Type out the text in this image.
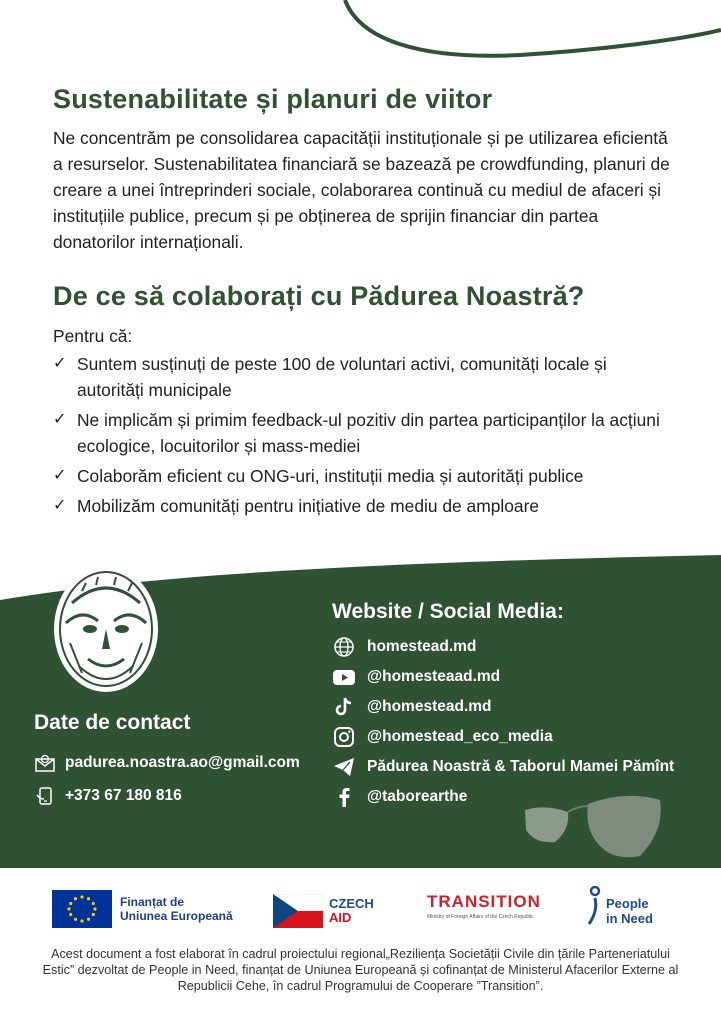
Sustenabilitate și planuri de viitor

Ne concentrăm pe consolidarea capacității instituționale și pe utilizarea eficientă a resurselor. Sustenabilitatea financiară se bazează pe crowdfunding, planuri de creare a unei întreprinderi sociale, colaborarea continuă cu mediul de afaceri și instituțiile publice, precum și pe obținerea de sprijin financiar din partea donatorilor internaționali.

De ce să colaborați cu Pădurea Noastră?
Pentru că:
✓ Suntem susținuți de peste 100 de voluntari activi, comunități locale și autorități municipale
✓ Ne implicăm și primim feedback-ul pozitiv din partea participanților la acțiuni ecologice, locuitorilor și mass-mediei
✓ Colaborăm eficient cu ONG-uri, instituții media și autorități publice
✓ Mobilizăm comunități pentru inițiative de mediu de amploare
Date de contact
padurea.noastra.ao@gmail.com
+373 67 180 816
Website / Social Media:
homestead.md
@homesteaad.md
@homestead.md
@homestead_eco_media
Pădurea Noastră & Taborul Mamei Pămînt
@taborearthe
Finanțat de
Uniunea Europeană
CZECH
AID
TRANSITION
Ministry of Foreign Affairs of the Czech Republic
People
in Need
Acest document a fost elaborat în cadrul proiectului regional„Reziliența Societății Civile din țările Parteneriatului Estic” dezvoltat de People in Need, finanțat de Uniunea Europeană și cofinanțat de Ministerul Afacerilor Externe al Republicii Cehe, în cadrul Programului de Cooperare ”Transition”.
